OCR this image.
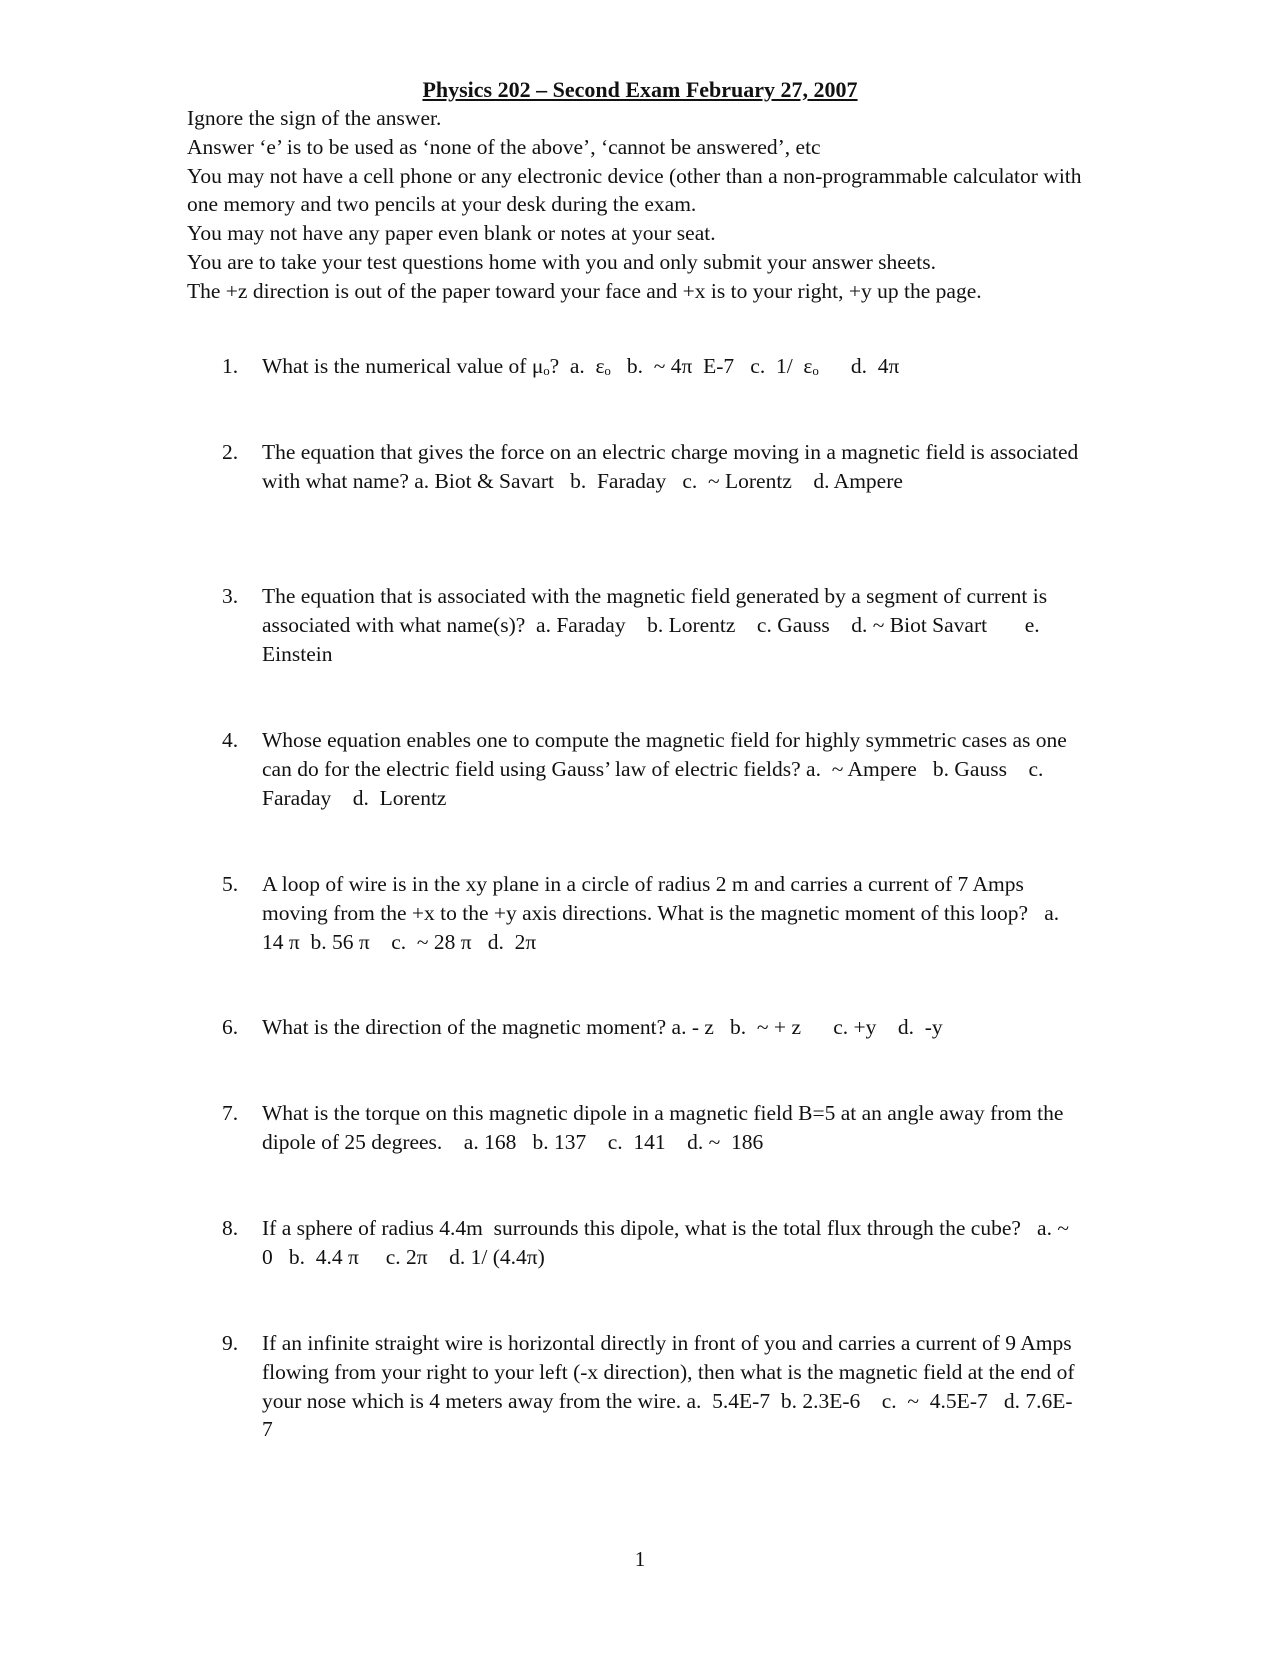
Physics 202 – Second Exam February 27, 2007

Ignore the sign of the answer.

Answer ‘e’ is to be used as ‘none of the above’, ‘cannot be answered’, etc

You may not have a cell phone or any electronic device (other than a non-programmable calculator with one memory and two pencils at your desk during the exam.

You may not have any paper even blank or notes at your seat.

You are to take your test questions home with you and only submit your answer sheets.

The +z direction is out of the paper toward your face and +x is to your right, +y up the page.

1.	What is the numerical value of μₒ?  a.  εₒ   b.  ~ 4π  E-7   c.  1/  εₒ      d.  4π
2.	The equation that gives the force on an electric charge moving in a magnetic field is associated with what name? a. Biot & Savart   b.  Faraday   c.  ~ Lorentz    d. Ampere
3.	The equation that is associated with the magnetic field generated by a segment of current is associated with what name(s)?  a. Faraday    b. Lorentz    c. Gauss    d. ~ Biot Savart       e. Einstein
4.	Whose equation enables one to compute the magnetic field for highly symmetric cases as one can do for the electric field using Gauss’ law of electric fields? a.  ~ Ampere   b. Gauss    c. Faraday    d.  Lorentz
5.	A loop of wire is in the xy plane in a circle of radius 2 m and carries a current of 7 Amps moving from the +x to the +y axis directions. What is the magnetic moment of this loop?   a.  14 π  b. 56 π    c.  ~ 28 π   d.  2π
6.	What is the direction of the magnetic moment? a. - z   b.  ~ + z      c. +y    d.  -y
7.	What is the torque on this magnetic dipole in a magnetic field B=5 at an angle away from the dipole of 25 degrees.    a. 168   b. 137    c.  141    d. ~  186
8.	If a sphere of radius 4.4m  surrounds this dipole, what is the total flux through the cube?   a. ~ 0   b.  4.4 π     c. 2π    d. 1/ (4.4π)
9.	If an infinite straight wire is horizontal directly in front of you and carries a current of 9 Amps flowing from your right to your left (-x direction), then what is the magnetic field at the end of your nose which is 4 meters away from the wire. a.  5.4E-7  b. 2.3E-6    c.  ~  4.5E-7   d. 7.6E-7
1
